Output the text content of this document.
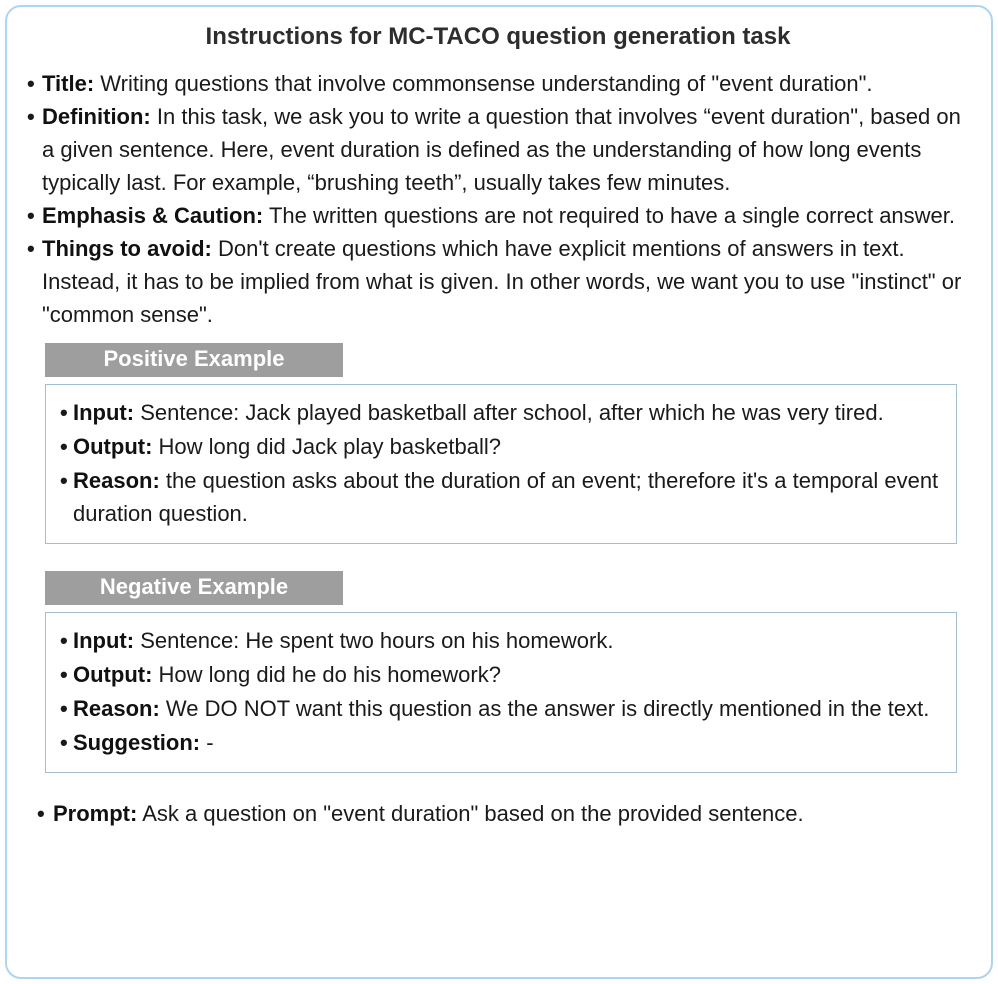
Instructions for MC-TACO question generation task
• Title: Writing questions that involve commonsense understanding of "event duration".
• Definition: In this task, we ask you to write a question that involves “event duration", based on a given sentence. Here, event duration is defined as the understanding of how long events typically last. For example, “brushing teeth”, usually takes few minutes.
• Emphasis & Caution: The written questions are not required to have a single correct answer.
• Things to avoid: Don't create questions which have explicit mentions of answers in text. Instead, it has to be implied from what is given. In other words, we want you to use "instinct" or "common sense".
Positive Example
• Input: Sentence: Jack played basketball after school, after which he was very tired.
• Output: How long did Jack play basketball?
• Reason: the question asks about the duration of an event; therefore it's a temporal event duration question.
Negative Example
• Input: Sentence: He spent two hours on his homework.
• Output: How long did he do his homework?
• Reason: We DO NOT want this question as the answer is directly mentioned in the text.
• Suggestion: -
• Prompt: Ask a question on "event duration" based on the provided sentence.
